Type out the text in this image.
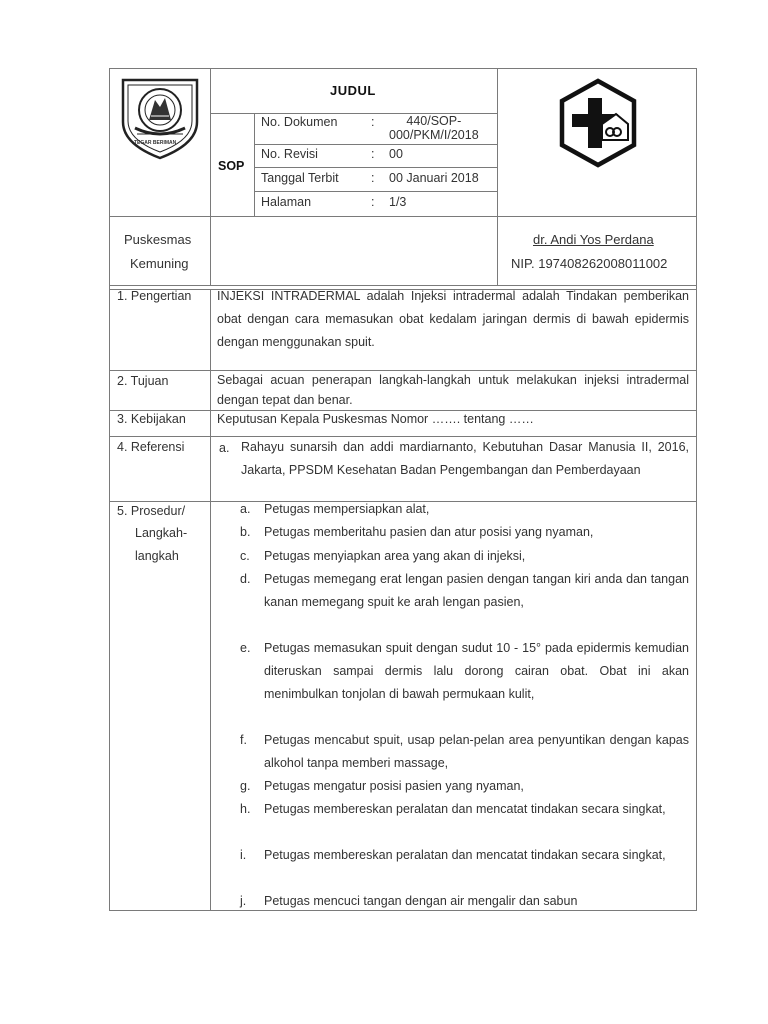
TEGAR BERIMAN
JUDUL
SOP
No. Dokumen	:	440/SOP-
000/PKM/I/2018
No. Revisi	: 00
Tanggal Terbit	: 00 Januari 2018
Halaman	: 1/3
Puskesmas
Kemuning
dr. Andi Yos Perdana
NIP. 197408262008011002
1. Pengertian INJEKSI INTRADERMAL adalah Injeksi intradermal adalah Tindakan pemberikan obat dengan cara memasukan obat kedalam jaringan dermis di bawah epidermis dengan menggunakan spuit.
2. Tujuan	Sebagai acuan penerapan langkah-langkah untuk melakukan injeksi intradermal dengan tepat dan benar.
3. Kebijakan Keputusan Kepala Puskesmas Nomor ……. tentang ……
4. Referensi	a. Rahayu sunarsih dan addi mardiarnanto, Kebutuhan Dasar Manusia II, 2016, Jakarta, PPSDM Kesehatan Badan Pengembangan dan Pemberdayaan
5. Prosedur/
Langkah-
langkah
a.	Petugas mempersiapkan alat,
b.	Petugas memberitahu pasien dan atur posisi yang nyaman,
c.	Petugas menyiapkan area yang akan di injeksi,
d.	Petugas memegang erat lengan pasien dengan tangan kiri anda dan tangan kanan memegang spuit ke arah lengan pasien,
e.	Petugas memasukan spuit dengan sudut 10 - 15° pada epidermis kemudian diteruskan sampai dermis lalu dorong cairan obat. Obat ini akan menimbulkan tonjolan di bawah permukaan kulit,
f.	Petugas mencabut spuit, usap pelan-pelan area penyuntikan dengan kapas alkohol tanpa memberi massage,
g.	Petugas mengatur posisi pasien yang nyaman,
h.	Petugas membereskan peralatan dan mencatat tindakan secara singkat,
i.	Petugas membereskan peralatan dan mencatat tindakan secara singkat,
j.	Petugas mencuci tangan dengan air mengalir dan sabun
